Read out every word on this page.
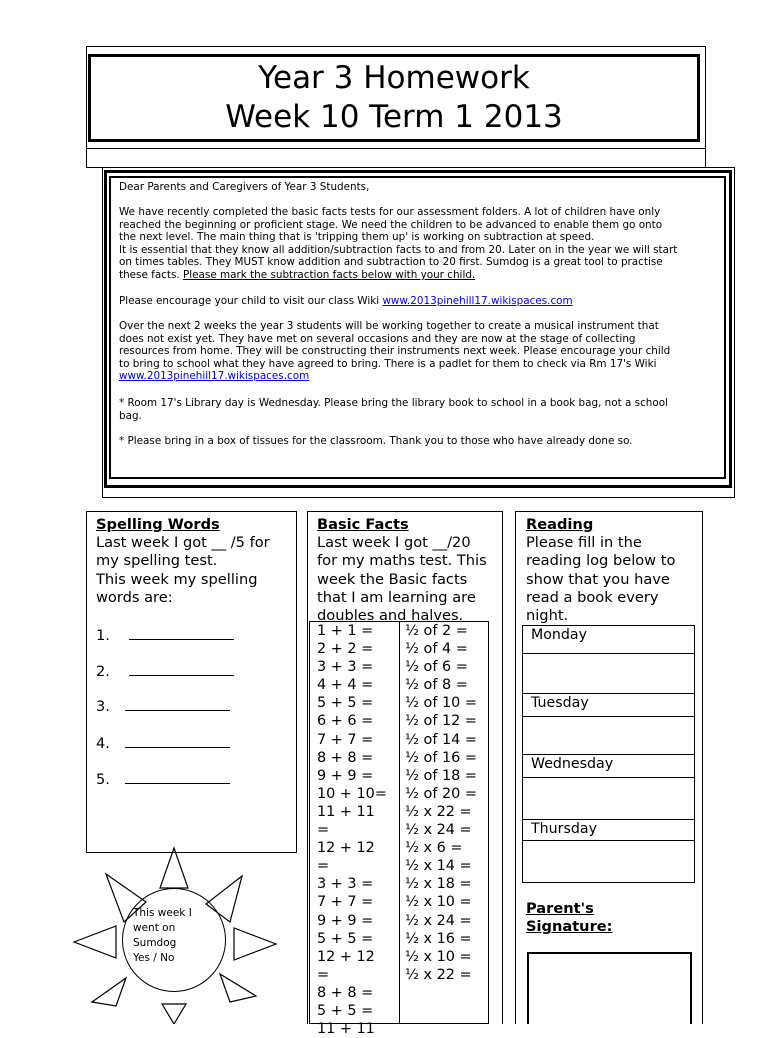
Year 3 Homework
Week 10 Term 1 2013
Dear Parents and Caregivers of Year 3 Students,
We have recently completed the basic facts tests for our assessment folders. A lot of children have only
reached the beginning or proficient stage. We need the children to be advanced to enable them go onto
the next level. The main thing that is 'tripping them up' is working on subtraction at speed.
It is essential that they know all addition/subtraction facts to and from 20. Later on in the year we will start
on times tables. They MUST know addition and subtraction to 20 first. Sumdog is a great tool to practise
these facts. Please mark the subtraction facts below with your child.
Please encourage your child to visit our class Wiki www.2013pinehill17.wikispaces.com
Over the next 2 weeks the year 3 students will be working together to create a musical instrument that
does not exist yet. They have met on several occasions and they are now at the stage of collecting
resources from home. They will be constructing their instruments next week. Please encourage your child
to bring to school what they have agreed to bring. There is a padlet for them to check via Rm 17's Wiki
www.2013pinehill17.wikispaces.com
* Room 17's Library day is Wednesday. Please bring the library book to school in a book bag, not a school
bag.
* Please bring in a box of tissues for the classroom. Thank you to those who have already done so.
Spelling Words
Last week I got __ /5 for
my spelling test.
This week my spelling
words are:
1.
2.
3.
4.
5.
Basic Facts
Last week I got __/20
for my maths test. This
week the Basic facts
that I am learning are
doubles and halves.
1 + 1 =
2 + 2 =
3 + 3 =
4 + 4 =
5 + 5 =
6 + 6 =
7 + 7 =
8 + 8 =
9 + 9 =
10 + 10=
11 + 11
=
12 + 12
=
3 + 3 =
7 + 7 =
9 + 9 =
5 + 5 =
12 + 12
=
8 + 8 =
5 + 5 =
11 + 11
½ of 2 =
½ of 4 =
½ of 6 =
½ of 8 =
½ of 10 =
½ of 12 =
½ of 14 =
½ of 16 =
½ of 18 =
½ of 20 =
½ x 22 =
½ x 24 =
½ x 6 =
½ x 14 =
½ x 18 =
½ x 10 =
½ x 24 =
½ x 16 =
½ x 10 =
½ x 22 =
Reading
Please fill in the
reading log below to
show that you have
read a book every
night.
Monday
Tuesday
Wednesday
Thursday
Parent's
Signature:
This week I
went on
Sumdog
Yes / No
